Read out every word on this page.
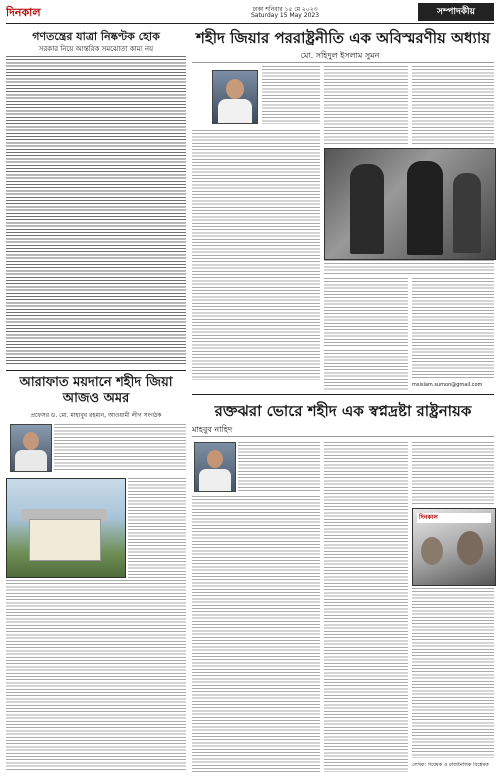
দিনকাল	ঢাকা শনিবার ১৫ মে ২০২৩
Saturday 15 May 2023	সম্পাদকীয়
গণতন্ত্রের যাত্রা নিষ্কণ্টক হোক
সরকার নিয়ে আন্তরিক সমঝোতা কাম্য নয়
শহীদ জিয়ার পররাষ্ট্রনীতি এক অবিস্মরণীয় অধ্যায়
মো. সহিদুল ইসলাম সুমন
msislam.sumon@gmail.com
আরাফাত ময়দানে শহীদ জিয়া আজও অমর
প্রফেসর ড. মো. মাহাবুব রহমান, আওয়ামী লীগ সংগঠক	রক্তঝরা ভোরে শহীদ এক স্বপ্নদ্রষ্টা রাষ্ট্রনায়ক
মাহবুব নাহিদ
দিনকাল
লেখক: গবেষক ও রাজনৈতিক বিশ্লেষক
